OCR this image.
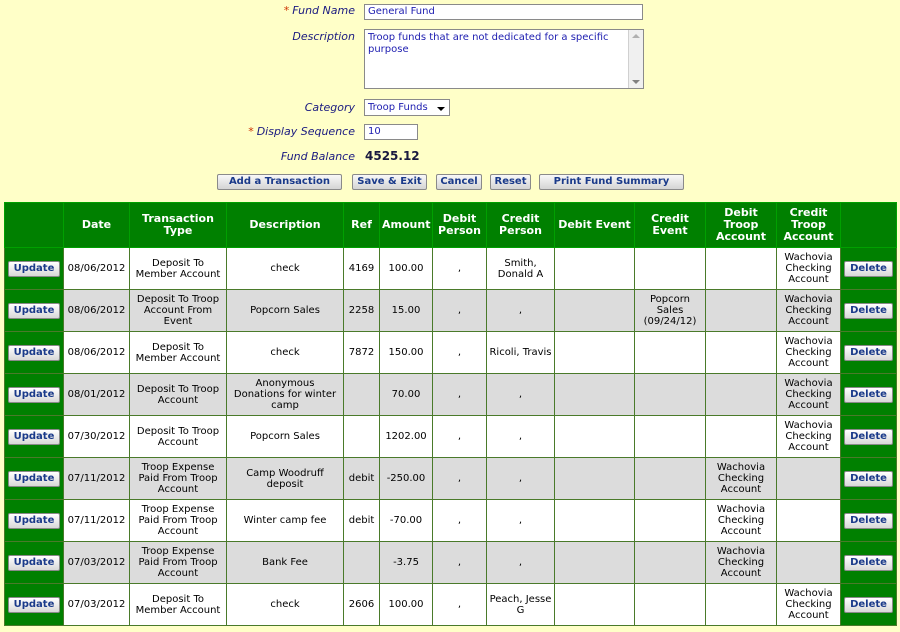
* Fund Name	General Fund
Description	Troop funds that are not dedicated for a specific purpose
Category	Troop Funds
* Display Sequence	10
Fund Balance 4525.12
Add a Transaction	Save & Exit	Cancel	Reset	Print Fund Summary
	Date	Transaction Type	Description	Ref	Amount	Debit Person	Credit Person	Debit Event	Credit Event	Debit Troop Account	Credit Troop Account	
Update	08/06/2012	Deposit To Member Account	check	4169	100.00	,	Smith, Donald A				Wachovia Checking Account	Delete
Update	08/06/2012	Deposit To Troop Account From Event	Popcorn Sales	2258	15.00	,	,		Popcorn Sales (09/24/12)		Wachovia Checking Account	Delete
Update	08/06/2012	Deposit To Member Account	check	7872	150.00	,	Ricoli, Travis				Wachovia Checking Account	Delete
Update	08/01/2012	Deposit To Troop Account	Anonymous Donations for winter camp		70.00	,	,				Wachovia Checking Account	Delete
Update	07/30/2012	Deposit To Troop Account	Popcorn Sales		1202.00	,	,				Wachovia Checking Account	Delete
Update	07/11/2012	Troop Expense Paid From Troop Account	Camp Woodruff deposit	debit	-250.00	,	,			Wachovia Checking Account		Delete
Update	07/11/2012	Troop Expense Paid From Troop Account	Winter camp fee	debit	-70.00	,	,			Wachovia Checking Account		Delete
Update	07/03/2012	Troop Expense Paid From Troop Account	Bank Fee		-3.75	,	,			Wachovia Checking Account		Delete
Update	07/03/2012	Deposit To Member Account	check	2606	100.00	,	Peach, Jesse G				Wachovia Checking Account	Delete
